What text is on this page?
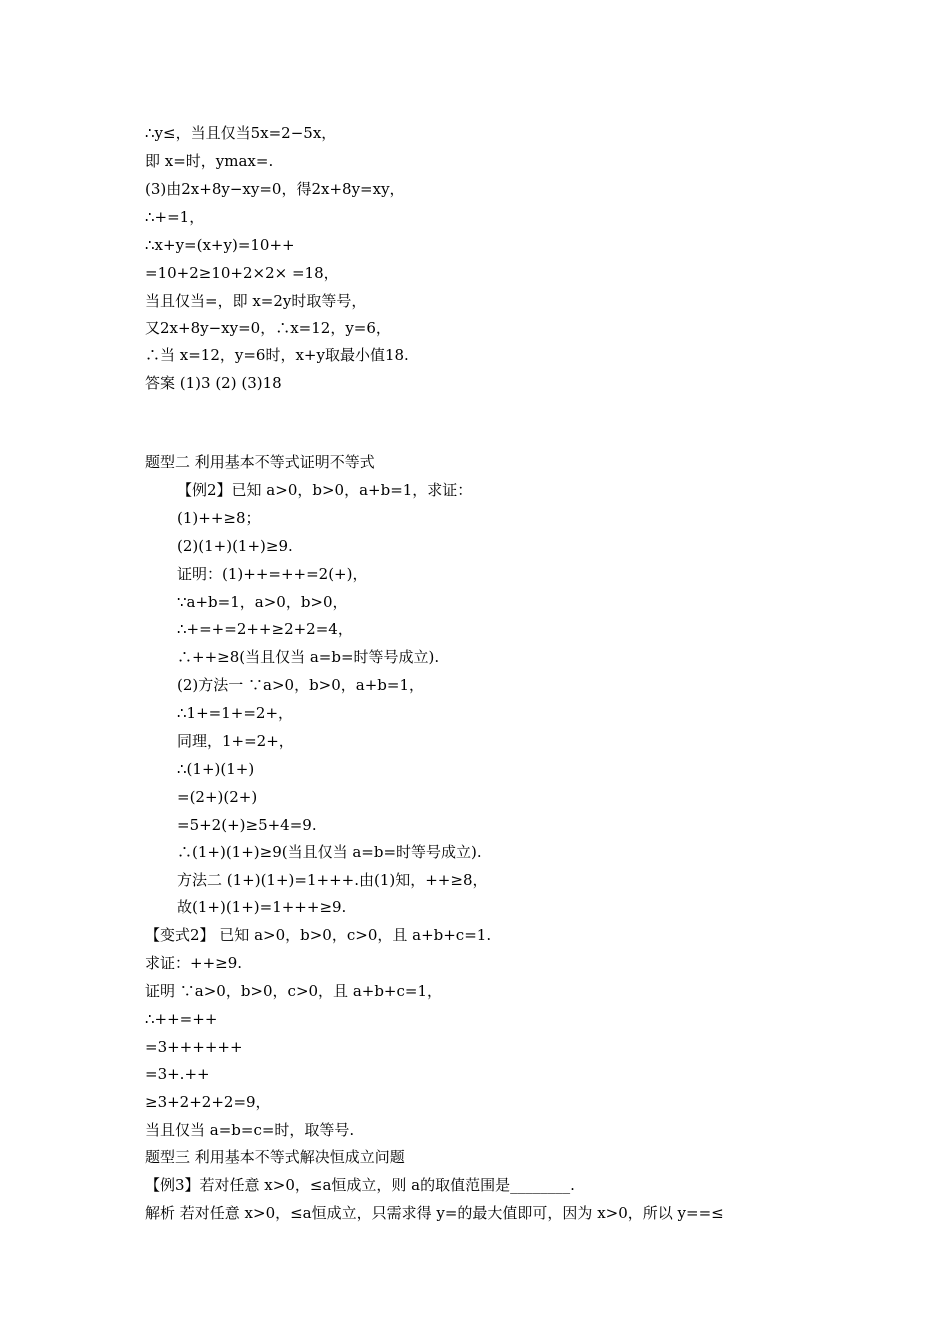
∴y≤，当且仅当5x=2−5x，
即 x=时，ymax=.
(3)由2x+8y−xy=0，得2x+8y=xy，
∴+=1，
∴x+y=(x+y)=10++
=10+2≥10+2×2× =18，
当且仅当=，即 x=2y时取等号，
又2x+8y−xy=0，∴x=12，y=6，
∴当 x=12，y=6时，x+y取最小值18.
答案 (1)3 (2) (3)18
题型二 利用基本不等式证明不等式
【例2】已知 a>0，b>0，a+b=1，求证：
(1)++≥8；
(2)(1+)(1+)≥9.
证明：(1)++=++=2(+)，
∵a+b=1，a>0，b>0，
∴+=+=2++≥2+2=4，
∴++≥8(当且仅当 a=b=时等号成立).
(2)方法一 ∵a>0，b>0，a+b=1，
∴1+=1+=2+，
同理，1+=2+，
∴(1+)(1+)
=(2+)(2+)
=5+2(+)≥5+4=9.
∴(1+)(1+)≥9(当且仅当 a=b=时等号成立).
方法二 (1+)(1+)=1+++.由(1)知，++≥8，
故(1+)(1+)=1+++≥9.
【变式2】 已知 a>0，b>0，c>0，且 a+b+c=1.
求证：++≥9.
证明 ∵a>0，b>0，c>0，且 a+b+c=1，
∴++=++
=3++++++
=3+.++
≥3+2+2+2=9，
当且仅当 a=b=c=时，取等号.
题型三 利用基本不等式解决恒成立问题
【例3】若对任意 x>0，≤a恒成立，则 a的取值范围是________.
解析 若对任意 x>0，≤a恒成立，只需求得 y=的最大值即可，因为 x>0，所以 y==≤
